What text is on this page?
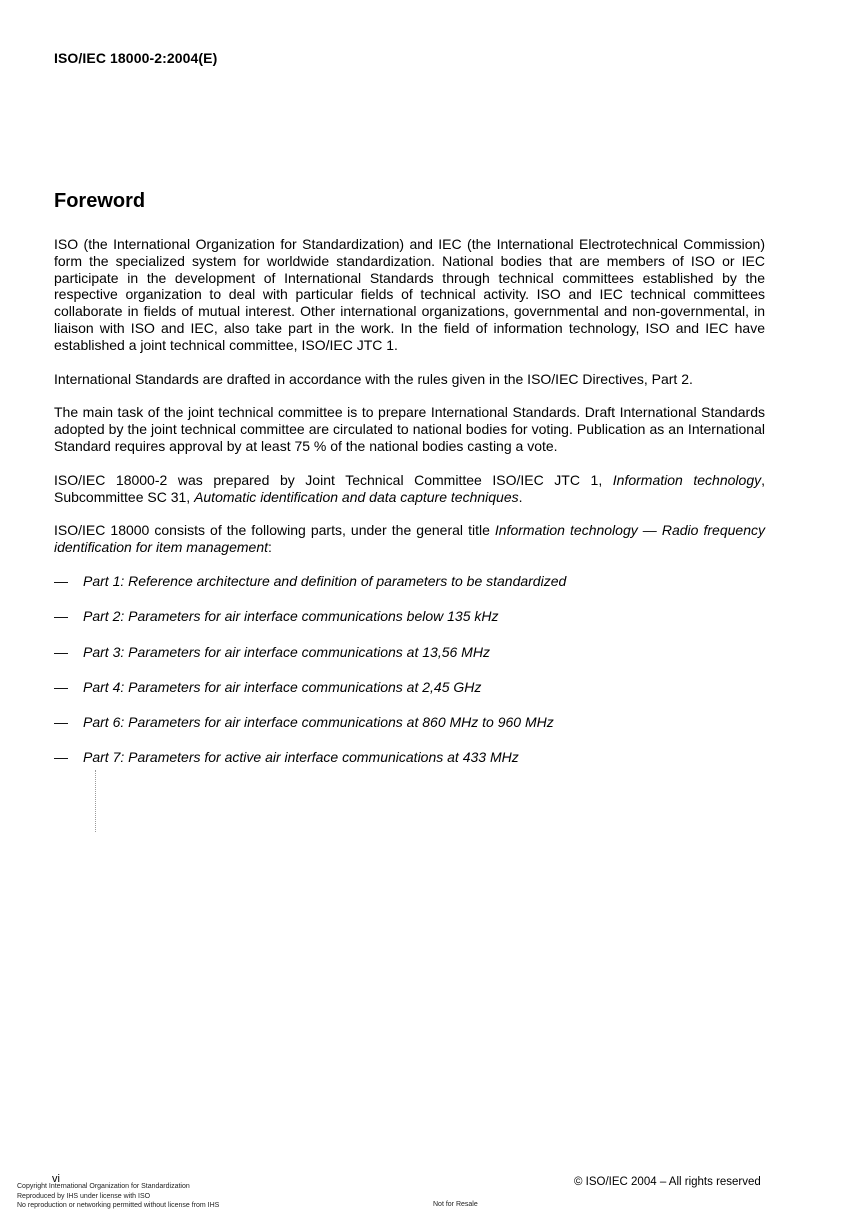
ISO/IEC 18000-2:2004(E)
Foreword

ISO (the International Organization for Standardization) and IEC (the International Electrotechnical Commission) form the specialized system for worldwide standardization. National bodies that are members of ISO or IEC participate in the development of International Standards through technical committees established by the respective organization to deal with particular fields of technical activity. ISO and IEC technical committees collaborate in fields of mutual interest. Other international organizations, governmental and non-governmental, in liaison with ISO and IEC, also take part in the work. In the field of information technology, ISO and IEC have established a joint technical committee, ISO/IEC JTC 1.

International Standards are drafted in accordance with the rules given in the ISO/IEC Directives, Part 2.

The main task of the joint technical committee is to prepare International Standards. Draft International Standards adopted by the joint technical committee are circulated to national bodies for voting. Publication as an International Standard requires approval by at least 75 % of the national bodies casting a vote.

ISO/IEC 18000-2 was prepared by Joint Technical Committee ISO/IEC JTC 1, Information technology, Subcommittee SC 31, Automatic identification and data capture techniques.

ISO/IEC 18000 consists of the following parts, under the general title Information technology — Radio frequency identification for item management:

— Part 1: Reference architecture and definition of parameters to be standardized
— Part 2: Parameters for air interface communications below 135 kHz
— Part 3: Parameters for air interface communications at 13,56 MHz
— Part 4: Parameters for air interface communications at 2,45 GHz
— Part 6: Parameters for air interface communications at 860 MHz to 960 MHz
— Part 7: Parameters for active air interface communications at 433 MHz
vi	© ISO/IEC 2004 – All rights reserved
Copyright International Organization for Standardization
Reproduced by IHS under license with ISO
No reproduction or networking permitted without license from IHS	Not for Resale
